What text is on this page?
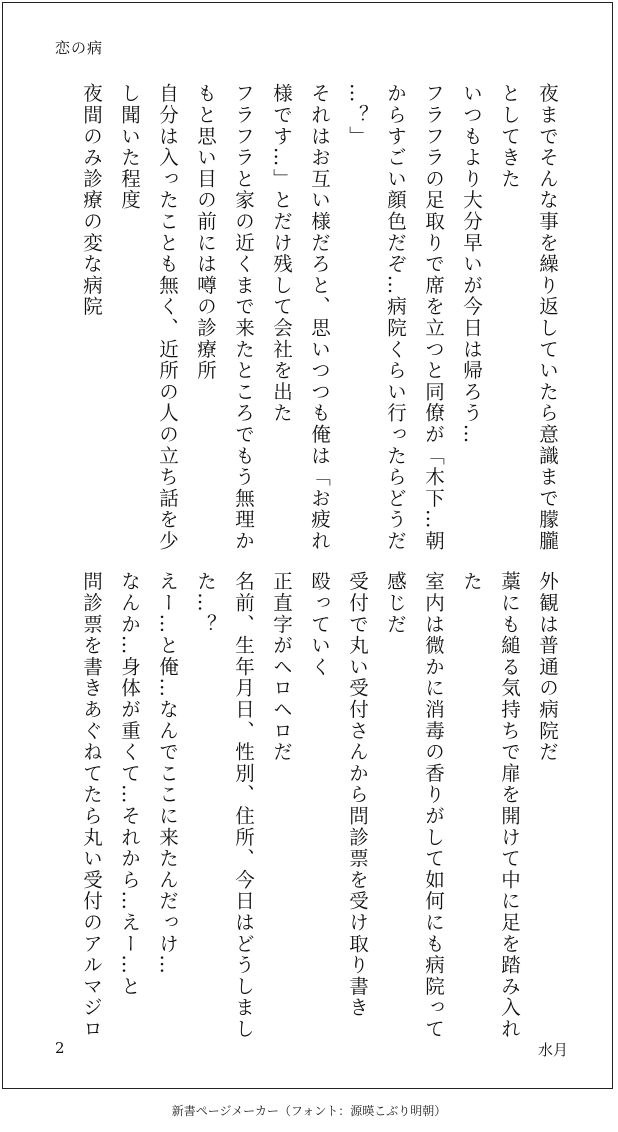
恋の病
夜までそんな事を繰り返していたら意識まで朦朧
としてきた
いつもより大分早いが今日は帰ろう…
フラフラの足取りで席を立つと同僚が「木下…朝
からすごい顔色だぞ…病院くらい行ったらどうだ
…？」
それはお互い様だろと、思いつつも俺は「お疲れ
様です…」とだけ残して会社を出た
フラフラと家の近くまで来たところでもう無理か
もと思い目の前には噂の診療所
自分は入ったことも無く、近所の人の立ち話を少
し聞いた程度
夜間のみ診療の変な病院
外観は普通の病院だ
藁にも縋る気持ちで扉を開けて中に足を踏み入れ
た
室内は微かに消毒の香りがして如何にも病院って
感じだ
受付で丸い受付さんから問診票を受け取り書き
殴っていく
正直字がヘロヘロだ
名前、生年月日、性別、住所、今日はどうしまし
た…？
えー…と俺…なんでここに来たんだっけ…
なんか…身体が重くて…それから…えー…と
問診票を書きあぐねてたら丸い受付のアルマジロ
2	水月
新書ページメーカー（フォント：源暎こぶり明朝）
